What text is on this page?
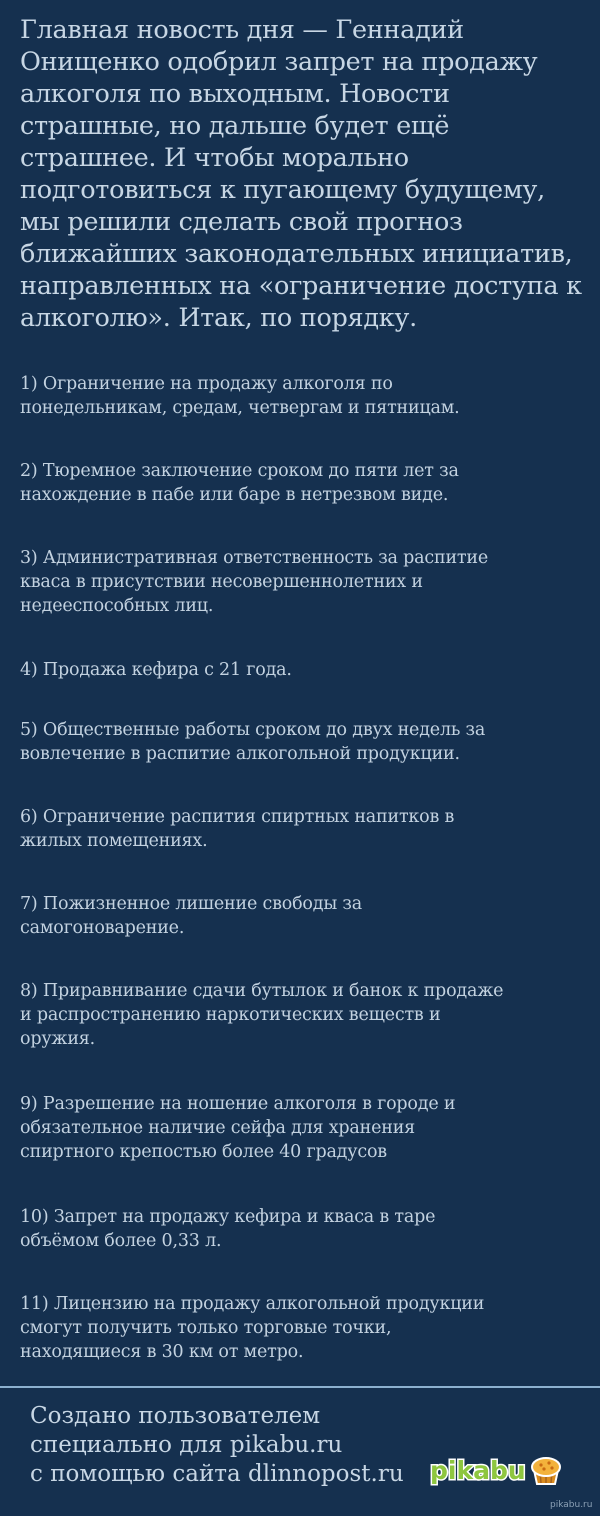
Главная новость дня — Геннадий
Онищенко одобрил запрет на продажу
алкоголя по выходным. Новости
страшные, но дальше будет ещё
страшнее. И чтобы морально
подготовиться к пугающему будущему,
мы решили сделать свой прогноз
ближайших законодательных инициатив,
направленных на «ограничение доступа к
алкоголю». Итак, по порядку.
1) Ограничение на продажу алкоголя по
понедельникам, средам, четвергам и пятницам.
2) Тюремное заключение сроком до пяти лет за
нахождение в пабе или баре в нетрезвом виде.
3) Административная ответственность за распитие
кваса в присутствии несовершеннолетних и
недееспособных лиц.
4) Продажа кефира с 21 года.
5) Общественные работы сроком до двух недель за
вовлечение в распитие алкогольной продукции.
6) Ограничение распития спиртных напитков в
жилых помещениях.
7) Пожизненное лишение свободы за
самогоноварение.
8) Приравнивание сдачи бутылок и банок к продаже
и распространению наркотических веществ и
оружия.
9) Разрешение на ношение алкоголя в городе и
обязательное наличие сейфа для хранения
спиртного крепостью более 40 градусов
10) Запрет на продажу кефира и кваса в таре
объёмом более 0,33 л.
11) Лицензию на продажу алкогольной продукции
смогут получить только торговые точки,
находящиеся в 30 км от метро.
Создано пользователем
специально для pikabu.ru
с помощью сайта dlinnopost.ru pikabu
pikabu.ru
